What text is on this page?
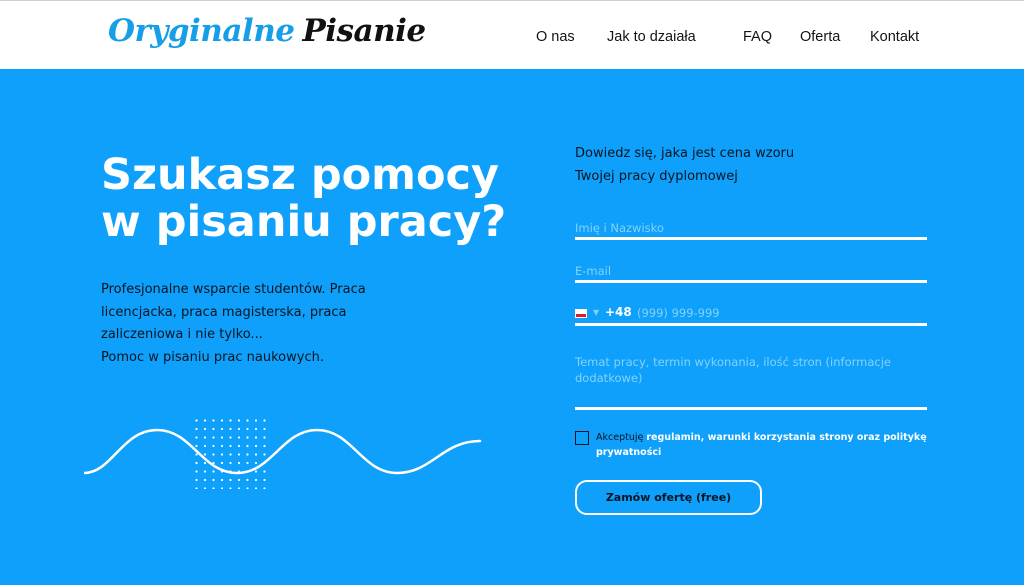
Oryginalne Pisanie	O nas Jak to dzaiała	FAQ Oferta Kontakt
Szukasz pomocy
w pisaniu pracy?
Profesjonalne wsparcie studentów. Praca
licencjacka, praca magisterska, praca
zaliczeniowa i nie tylko...
Pomoc w pisaniu prac naukowych.
Dowiedz się, jaka jest cena wzoru
Twojej pracy dyplomowej
Imię i Nazwisko
E-mail
▼ +48 (999) 999-999
Temat pracy, termin wykonania, ilość stron (informacje
dodatkowe)
Akceptuję regulamin, warunki korzystania strony oraz politykę
prywatności
Zamów ofertę (free)
